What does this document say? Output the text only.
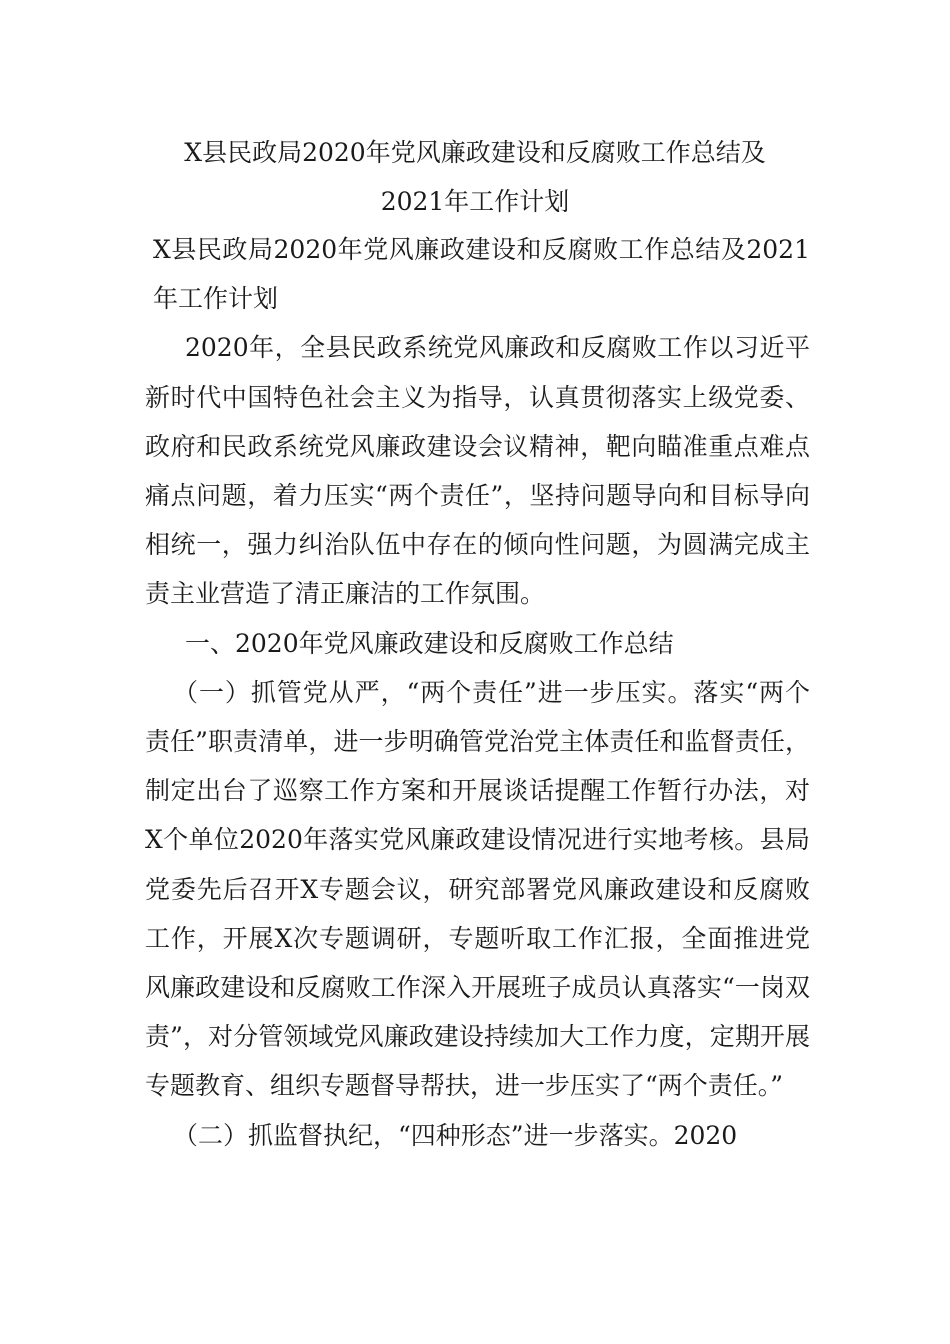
X县民政局2020年党风廉政建设和反腐败工作总结及
2021年工作计划

X县民政局2020年党风廉政建设和反腐败工作总结及2021年工作计划

2020年，全县民政系统党风廉政和反腐败工作以习近平新时代中国特色社会主义为指导，认真贯彻落实上级党委、政府和民政系统党风廉政建设会议精神，靶向瞄准重点难点痛点问题，着力压实“两个责任”，坚持问题导向和目标导向相统一，强力纠治队伍中存在的倾向性问题，为圆满完成主责主业营造了清正廉洁的工作氛围。

一、2020年党风廉政建设和反腐败工作总结

（一）抓管党从严，“两个责任”进一步压实。落实“两个责任”职责清单，进一步明确管党治党主体责任和监督责任，制定出台了巡察工作方案和开展谈话提醒工作暂行办法，对X个单位2020年落实党风廉政建设情况进行实地考核。县局党委先后召开X专题会议，研究部署党风廉政建设和反腐败工作，开展X次专题调研，专题听取工作汇报，全面推进党风廉政建设和反腐败工作深入开展班子成员认真落实“一岗双责”，对分管领域党风廉政建设持续加大工作力度，定期开展专题教育、组织专题督导帮扶，进一步压实了“两个责任。”

（二）抓监督执纪，“四种形态”进一步落实。2020
